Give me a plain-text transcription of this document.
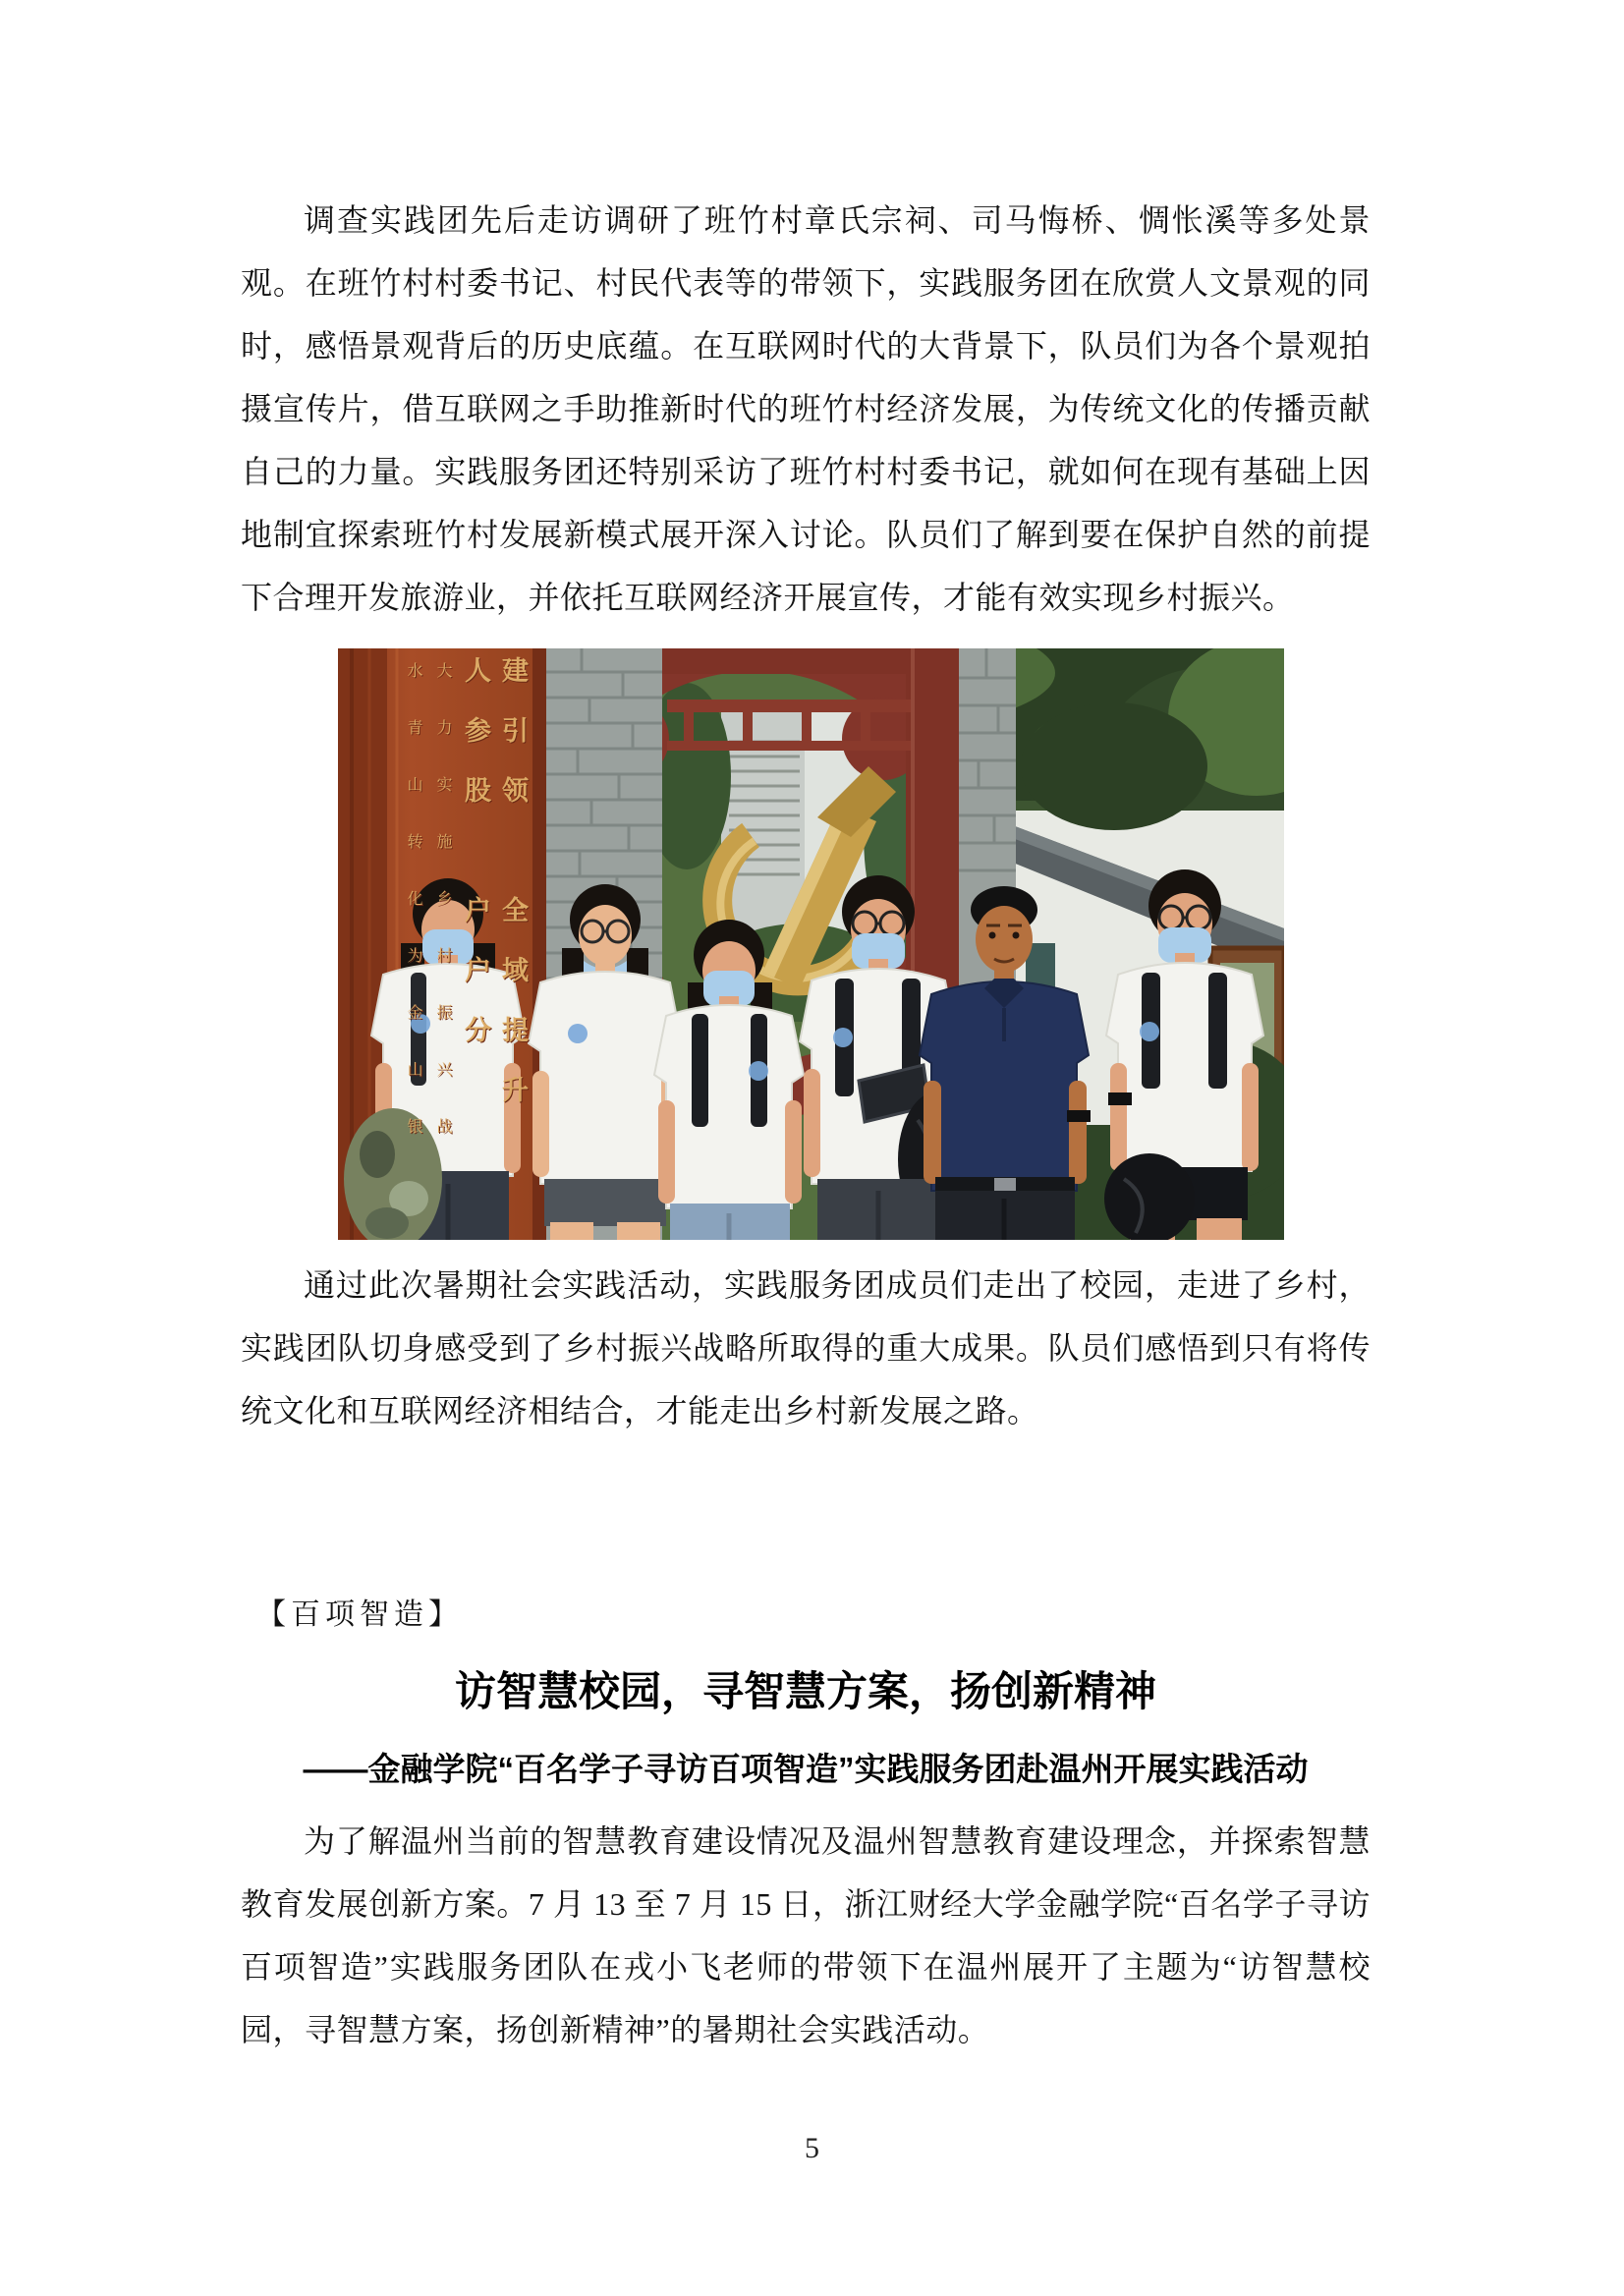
调查实践团先后走访调研了班竹村章氏宗祠、司马悔桥、惆怅溪等多处景观。在班竹村村委书记、村民代表等的带领下，实践服务团在欣赏人文景观的同时，感悟景观背后的历史底蕴。在互联网时代的大背景下，队员们为各个景观拍摄宣传片，借互联网之手助推新时代的班竹村经济发展，为传统文化的传播贡献自己的力量。实践服务团还特别采访了班竹村村委书记，就如何在现有基础上因地制宜探索班竹村发展新模式展开深入讨论。队员们了解到要在保护自然的前提下合理开发旅游业，并依托互联网经济开展宣传，才能有效实现乡村振兴。

水青山转化为金山银 大力实施乡村振兴战 人参股　户户分 建引领　全域提升

通过此次暑期社会实践活动，实践服务团成员们走出了校园，走进了乡村，实践团队切身感受到了乡村振兴战略所取得的重大成果。队员们感悟到只有将传统文化和互联网经济相结合，才能走出乡村新发展之路。

【百项智造】
访智慧校园，寻智慧方案，扬创新精神
——金融学院“百名学子寻访百项智造”实践服务团赴温州开展实践活动

为了解温州当前的智慧教育建设情况及温州智慧教育建设理念，并探索智慧教育发展创新方案。7 月 13 至 7 月 15 日，浙江财经大学金融学院“百名学子寻访百项智造”实践服务团队在戎小飞老师的带领下在温州展开了主题为“访智慧校园，寻智慧方案，扬创新精神”的暑期社会实践活动。

5
